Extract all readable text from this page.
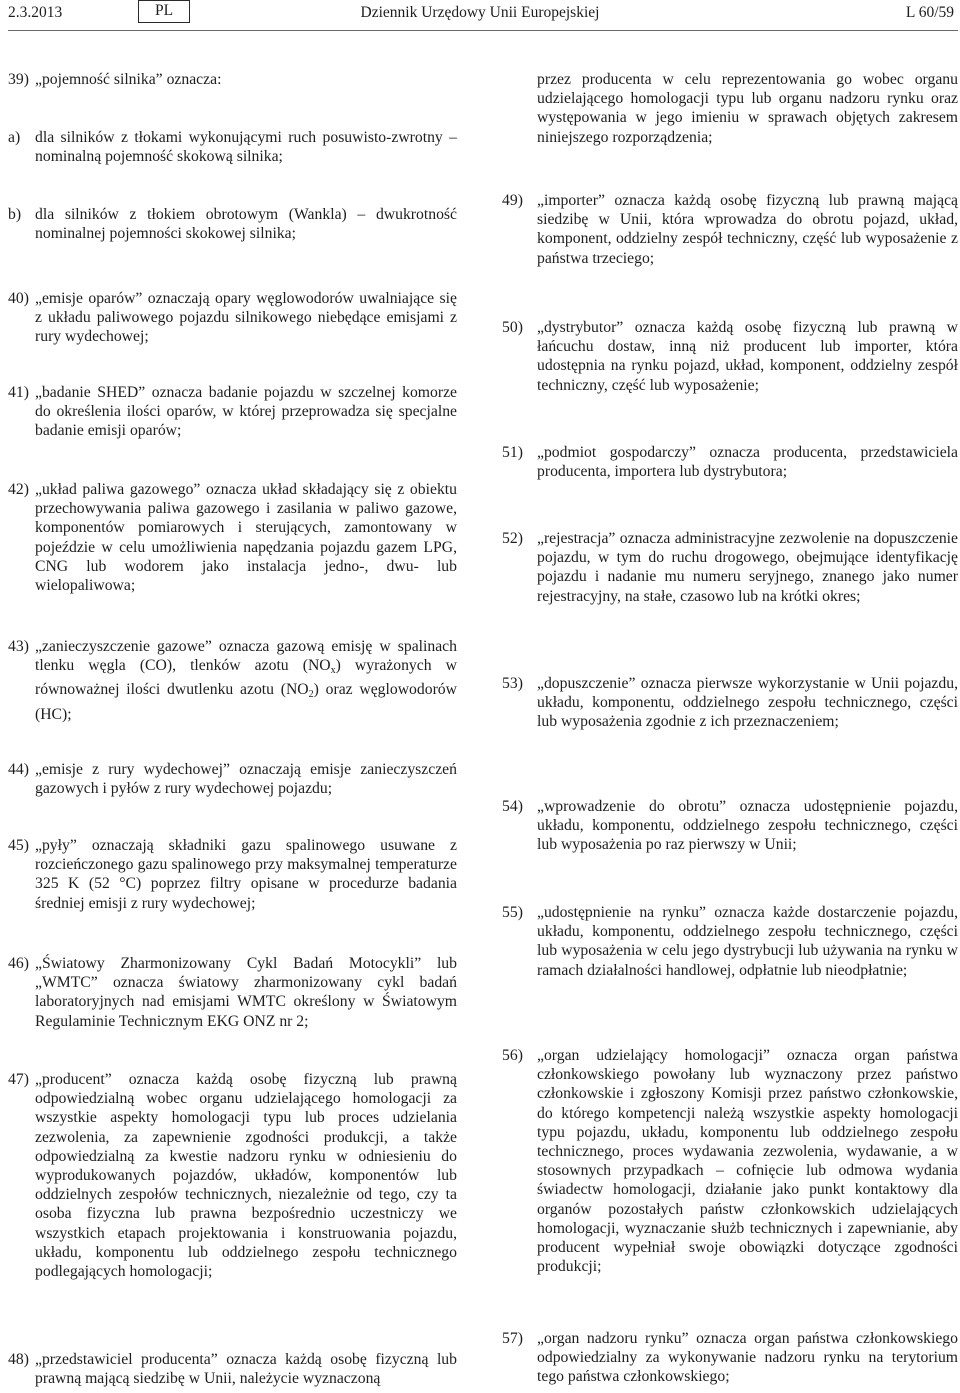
2.3.2013	PL	Dziennik Urzędowy Unii Europejskiej	L 60/59
39) „pojemność silnika” oznacza:
a) dla silników z tłokami wykonującymi ruch posuwisto-zwrotny – nominalną pojemność skokową silnika;
b) dla silników z tłokiem obrotowym (Wankla) – dwukrotność nominalnej pojemności skokowej silnika;
40) „emisje oparów” oznaczają opary węglowodorów uwalniające się z układu paliwowego pojazdu silnikowego niebędące emisjami z rury wydechowej;
41) „badanie SHED” oznacza badanie pojazdu w szczelnej komorze do określenia ilości oparów, w której przeprowadza się specjalne badanie emisji oparów;
42) „układ paliwa gazowego” oznacza układ składający się z obiektu przechowywania paliwa gazowego i zasilania w paliwo gazowe, komponentów pomiarowych i sterujących, zamontowany w pojeździe w celu umożliwienia napędzania pojazdu gazem LPG, CNG lub wodorem jako instalacja jedno-, dwu- lub wielopaliwowa;
43) „zanieczyszczenie gazowe” oznacza gazową emisję w spalinach tlenku węgla (CO), tlenków azotu $(NO_x)$ wyrażonych w równoważnej ilości dwutlenku azotu $(NO_2)$ oraz węglowodorów (HC);
44) „emisje z rury wydechowej” oznaczają emisje zanieczyszczeń gazowych i pyłów z rury wydechowej pojazdu;
45) „pyły” oznaczają składniki gazu spalinowego usuwane z rozcieńczonego gazu spalinowego przy maksymalnej temperaturze 325 K (52 °C) poprzez filtry opisane w procedurze badania średniej emisji z rury wydechowej;
46) „Światowy Zharmonizowany Cykl Badań Motocykli” lub „WMTC” oznacza światowy zharmonizowany cykl badań laboratoryjnych nad emisjami WMTC określony w Światowym Regulaminie Technicznym EKG ONZ nr 2;
47) „producent” oznacza każdą osobę fizyczną lub prawną odpowiedzialną wobec organu udzielającego homologacji za wszystkie aspekty homologacji typu lub proces udzielania zezwolenia, za zapewnienie zgodności produkcji, a także odpowiedzialną za kwestie nadzoru rynku w odniesieniu do wyprodukowanych pojazdów, układów, komponentów lub oddzielnych zespołów technicznych, niezależnie od tego, czy ta osoba fizyczna lub prawna bezpośrednio uczestniczy we wszystkich etapach projektowania i konstruowania pojazdu, układu, komponentu lub oddzielnego zespołu technicznego podlegających homologacji;
48) „przedstawiciel producenta” oznacza każdą osobę fizyczną lub prawną mającą siedzibę w Unii, należycie wyznaczoną
przez producenta w celu reprezentowania go wobec organu udzielającego homologacji typu lub organu nadzoru rynku oraz występowania w jego imieniu w sprawach objętych zakresem niniejszego rozporządzenia;
49) „importer” oznacza każdą osobę fizyczną lub prawną mającą siedzibę w Unii, która wprowadza do obrotu pojazd, układ, komponent, oddzielny zespół techniczny, część lub wyposażenie z państwa trzeciego;
50) „dystrybutor” oznacza każdą osobę fizyczną lub prawną w łańcuchu dostaw, inną niż producent lub importer, która udostępnia na rynku pojazd, układ, komponent, oddzielny zespół techniczny, część lub wyposażenie;
51) „podmiot gospodarczy” oznacza producenta, przedstawiciela producenta, importera lub dystrybutora;
52) „rejestracja” oznacza administracyjne zezwolenie na dopuszczenie pojazdu, w tym do ruchu drogowego, obejmujące identyfikację pojazdu i nadanie mu numeru seryjnego, znanego jako numer rejestracyjny, na stałe, czasowo lub na krótki okres;
53) „dopuszczenie” oznacza pierwsze wykorzystanie w Unii pojazdu, układu, komponentu, oddzielnego zespołu technicznego, części lub wyposażenia zgodnie z ich przeznaczeniem;
54) „wprowadzenie do obrotu” oznacza udostępnienie pojazdu, układu, komponentu, oddzielnego zespołu technicznego, części lub wyposażenia po raz pierwszy w Unii;
55) „udostępnienie na rynku” oznacza każde dostarczenie pojazdu, układu, komponentu, oddzielnego zespołu technicznego, części lub wyposażenia w celu jego dystrybucji lub używania na rynku w ramach działalności handlowej, odpłatnie lub nieodpłatnie;
56) „organ udzielający homologacji” oznacza organ państwa członkowskiego powołany lub wyznaczony przez państwo członkowskie i zgłoszony Komisji przez państwo członkowskie, do którego kompetencji należą wszystkie aspekty homologacji typu pojazdu, układu, komponentu lub oddzielnego zespołu technicznego, proces wydawania zezwolenia, wydawanie, a w stosownych przypadkach – cofnięcie lub odmowa wydania świadectw homologacji, działanie jako punkt kontaktowy dla organów pozostałych państw członkowskich udzielających homologacji, wyznaczanie służb technicznych i zapewnianie, aby producent wypełniał swoje obowiązki dotyczące zgodności produkcji;
57) „organ nadzoru rynku” oznacza organ państwa członkowskiego odpowiedzialny za wykonywanie nadzoru rynku na terytorium tego państwa członkowskiego;
